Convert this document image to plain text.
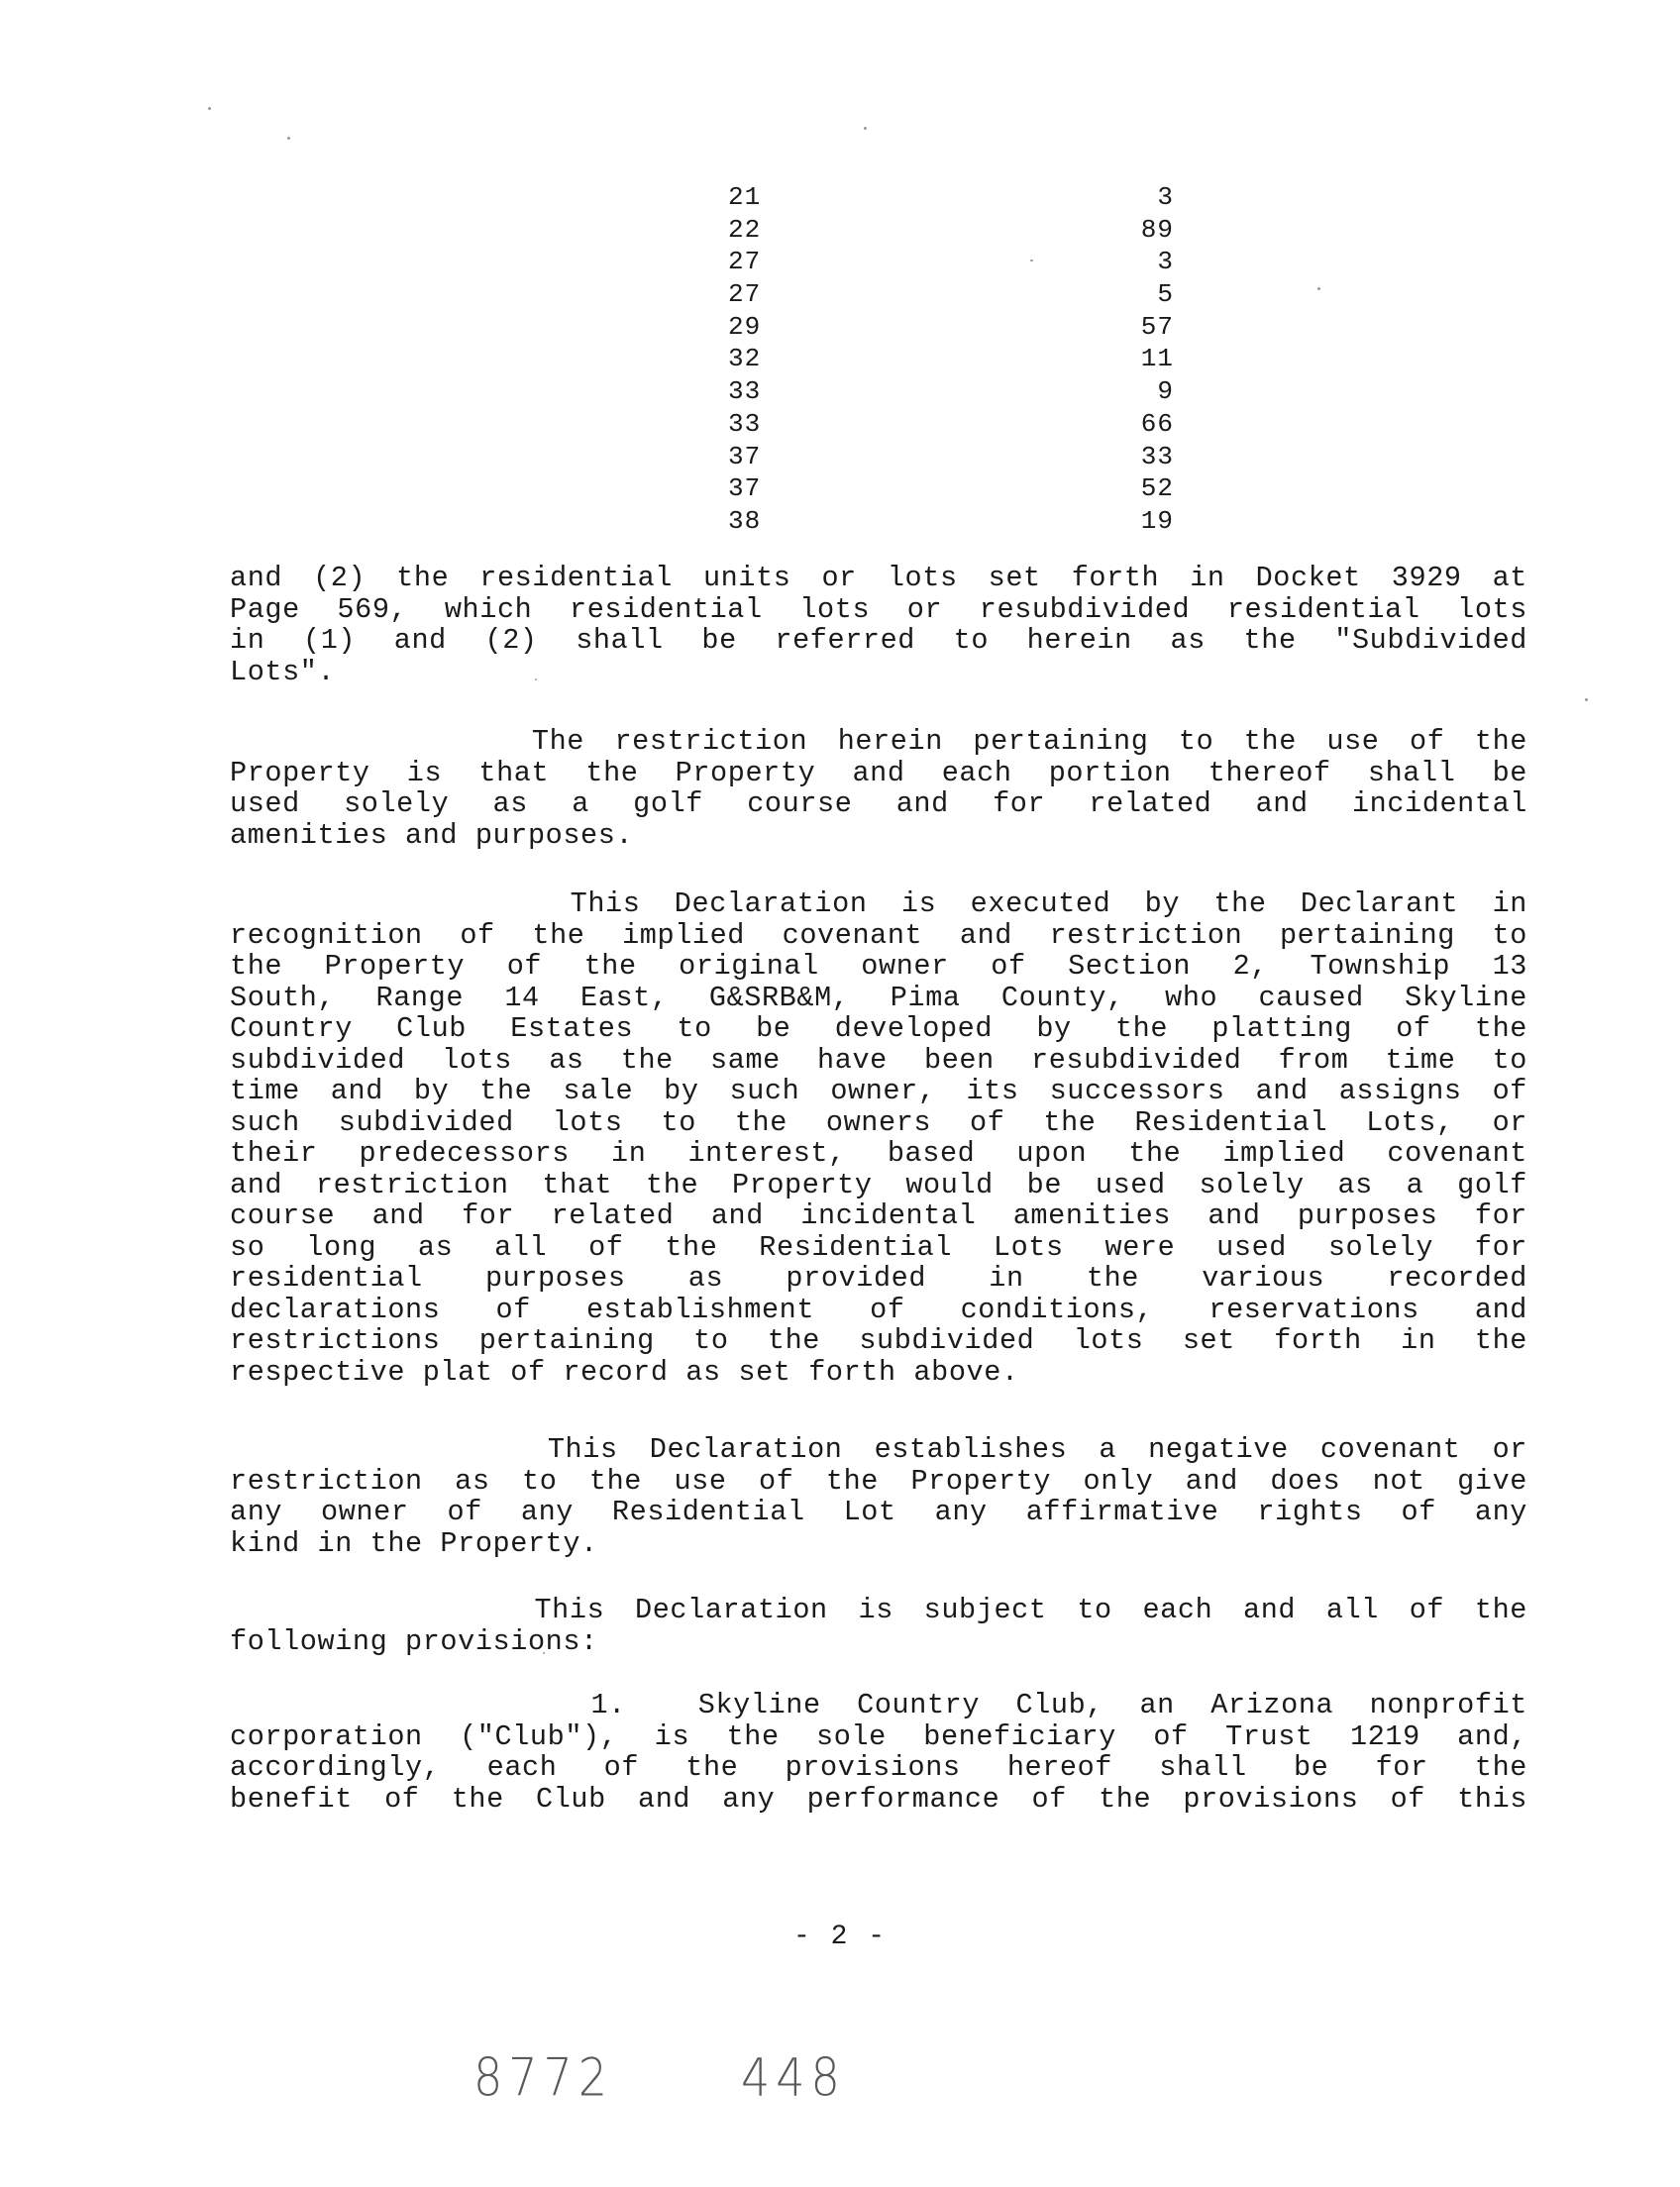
21	3
22	89
27	3
27	5
29	57
32	11
33	9
33	66
37	33
37	52
38	19
and (2) the residential units or lots set forth in Docket 3929 at
Page 569, which residential lots or resubdivided residential lots
in (1) and (2) shall be referred to herein as the "Subdivided
Lots".
The restriction herein pertaining to the use of the
Property is that the Property and each portion thereof shall be
used solely as a golf course and for related and incidental
amenities and purposes.
This Declaration is executed by the Declarant in
recognition of the implied covenant and restriction pertaining to
the Property of the original owner of Section 2, Township 13
South, Range 14 East, G&SRB&M, Pima County, who caused Skyline
Country Club Estates to be developed by the platting of the
subdivided lots as the same have been resubdivided from time to
time and by the sale by such owner, its successors and assigns of
such subdivided lots to the owners of the Residential Lots, or
their predecessors in interest, based upon the implied covenant
and restriction that the Property would be used solely as a golf
course and for related and incidental amenities and purposes for
so long as all of the Residential Lots were used solely for
residential purposes as provided in the various recorded
declarations of establishment of conditions, reservations and
restrictions pertaining to the subdivided lots set forth in the
respective plat of record as set forth above.
This Declaration establishes a negative covenant or
restriction as to the use of the Property only and does not give
any owner of any Residential Lot any affirmative rights of any
kind in the Property.
This Declaration is subject to each and all of the
following provisions:
1.  Skyline Country Club, an Arizona nonprofit
corporation ("Club"), is the sole beneficiary of Trust 1219 and,
accordingly, each of the provisions hereof shall be for the
benefit of the Club and any performance of the provisions of this
- 2 -
8772	448
